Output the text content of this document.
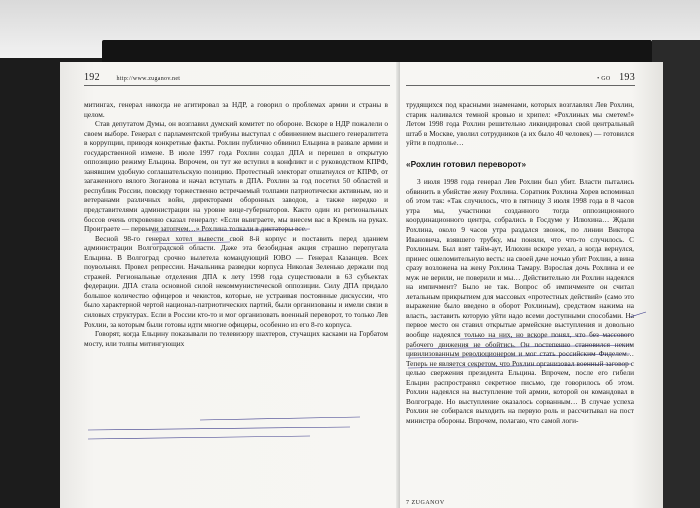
192	http://www.zuganov.net

митингах, генерал никогда не агитировал за НДР, а говорил о проблемах армии и страны в целом.

Став депутатом Думы, он возглавил думский комитет по обороне. Вскоре в НДР пожалели о своем выборе. Генерал с парламентской трибуны выступал с обвинением высшего генералитета в коррупции, приводя конкретные факты. Рохлин публично обвинил Ельцина в развале армии и государственной измене. В июле 1997 года Рохлин создал ДПА и перешел в открытую оппозицию режиму Ельцина. Впрочем, он тут же вступил в конфликт и с руководством КПРФ, занявшим удобную соглашательскую позицию. Протестный электорат отшатнулся от КПРФ, от загаженного вялого Зюганова и начал вступать в ДПА. Рохлин за год посетил 50 областей и республик России, повсюду торжественно встречаемый толпами патриотически активным, но и ветеранами различных войн, директорами оборонных заводов, а также нередко и представителями администрации на уровне вице-губернаторов. Както один из региональных боссов очень откровенно сказал генералу: «Если выиграете, мы внесем вас в Кремль на руках. Проиграете — первыми затопчем…» Рохлина толкали в диктаторы все.

Весной 98-го генерал хотел вывести свой 8-й корпус и поставить перед зданием администрации Волгоградской области. Даже эта безобидная акция страшно перепугала Ельцина. В Волгоград срочно вылетела командующий ЮВО — Генерал Казанцев. Всех поувольнял. Провел репрессии. Начальника разведки корпуса Николая Зеленько держали под стражей. Региональные отделения ДПА к лету 1998 года существовали в 63 субъектах федерации. ДПА стала основной силой некоммунистической оппозиции. Силу ДПА придало большое количество офицеров и чекистов, которые, не устраивая постоянные дискуссии, что было характерной чертой национал-патриотических партий, были организованы и имели связи в силовых структурах. Если в России кто-то и мог организовать военный переворот, то только Лев Рохлин, за которым были готовы идти многие офицеры, особенно из его 8-го корпуса.

Говорят, когда Ельцину показывали по телевизору шахтеров, стучащих касками на Горбатом мосту, или толпы митингующих

• GO 193

трудящихся под красными знаменами, которых возглавлял Лев Рохлин, старик наливался темной кровью и хрипел: «Рохлиных мы сметем!» Летом 1998 года Рохлин решительно ликвидировал свой центральный штаб в Москве, уволил сотрудников (а их было 40 человек) — готовился уйти в подполье…

«Рохлин готовил переворот»

3 июля 1998 года генерал Лев Рохлин был убит. Власти пытались обвинить в убийстве жену Рохлина. Соратник Рохлина Хорев вспоминал об этом так: «Так случилось, что в пятницу 3 июля 1998 года в 8 часов утра мы, участники созданного тогда оппозиционного координационного центра, собрались в Госдуме у Илюхина… Ждали Рохлина, около 9 часов утра раздался звонок, по линии Виктора Ивановича, взявшего трубку, мы поняли, что что-то случилось. С Рохлиным. Был взят тайм-аут, Илюхин вскоре уехал, а когда вернулся, принес ошеломительную весть: на своей даче ночью убит Рохлин, а вина сразу возложена на жену Рохлина Тамару. Взрослая дочь Рохлина и ее муж не верили, не поверили и мы… Действительно ли Рохлин надеялся на импичмент? Было не так. Вопрос об импичменте он считал летальным прикрытием для массовых «протестных действий» (само это выражение было введено в оборот Рохлиным), средством нажима на власть, заставить которую уйти надо всеми доступными способами. На первое место он ставил открытые армейские выступления и довольно вообще надеялся только на них, но вскоре понял, что без массового рабочего движения не обойтись. Он постепенно становился неким цивилизованным революционером и мог стать российским Фиделем… Теперь не является секретом, что Рохлин организовал военный заговор с целью свержения президента Ельцина. Впрочем, после его гибели Ельцин распространял секретное письмо, где говорилось об этом. Рохлин надеялся на выступление той армии, которой он командовал в Волгограде. Но выступление оказалось сорванным… В случае успеха Рохлин не собирался выходить на первую роль и рассчитывал на пост министра обороны. Впрочем, полагаю, что самой логи-

7 ZUGANOV
